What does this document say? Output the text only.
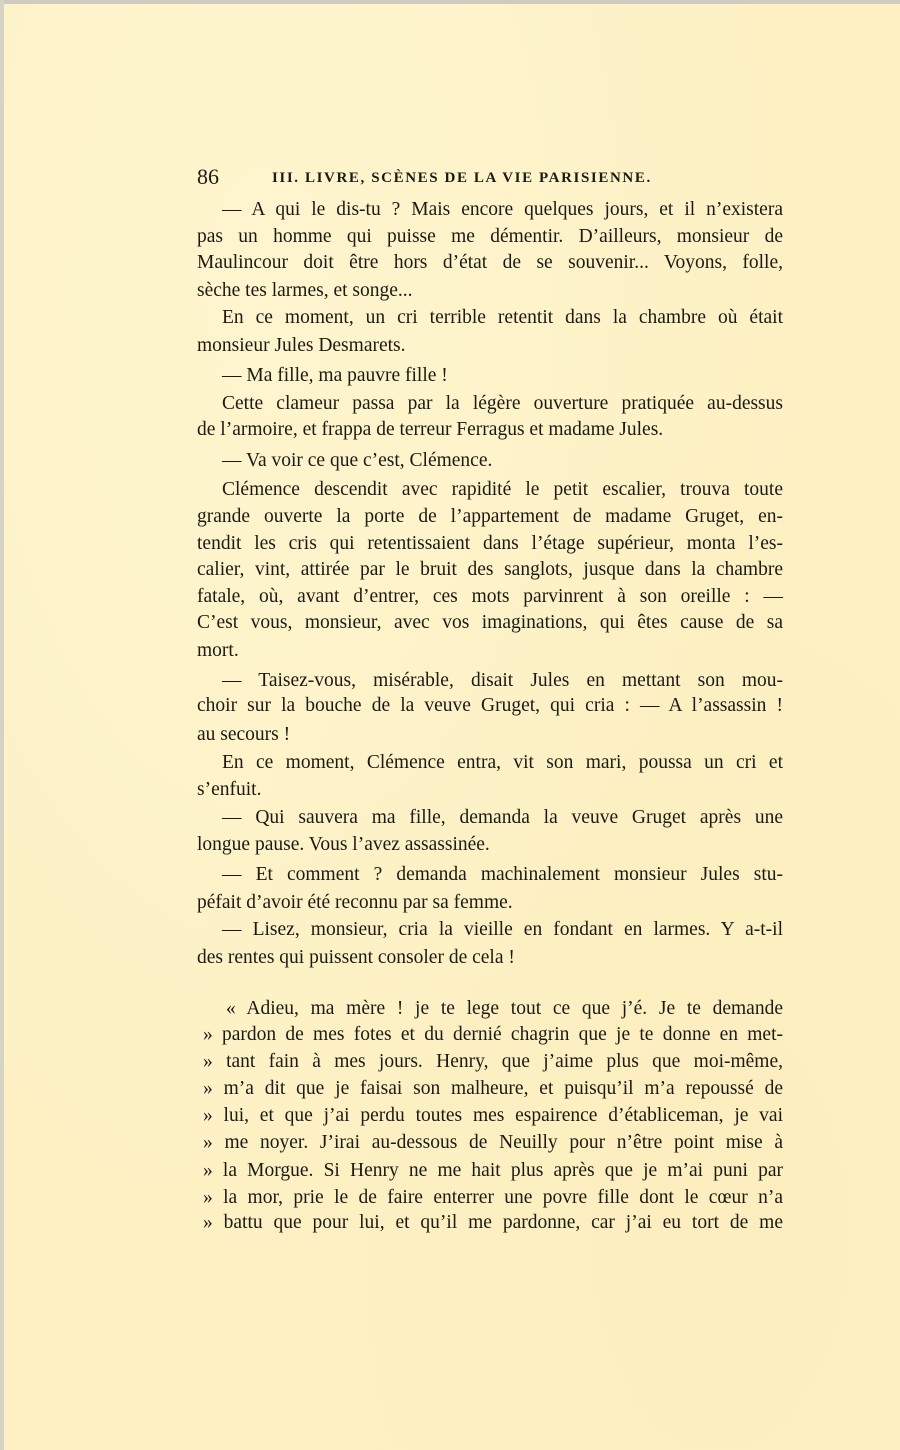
86	III. LIVRE, SCÈNES DE LA VIE PARISIENNE.
— A qui le dis-tu ? Mais encore quelques jours, et il n’existera
pas un homme qui puisse me démentir. D’ailleurs, monsieur de
Maulincour doit être hors d’état de se souvenir... Voyons, folle,
sèche tes larmes, et songe...
En ce moment, un cri terrible retentit dans la chambre où était
monsieur Jules Desmarets.
— Ma fille, ma pauvre fille !
Cette clameur passa par la légère ouverture pratiquée au-dessus
de l’armoire, et frappa de terreur Ferragus et madame Jules.
— Va voir ce que c’est, Clémence.
Clémence descendit avec rapidité le petit escalier, trouva toute
grande ouverte la porte de l’appartement de madame Gruget, en-
tendit les cris qui retentissaient dans l’étage supérieur, monta l’es-
calier, vint, attirée par le bruit des sanglots, jusque dans la chambre
fatale, où, avant d’entrer, ces mots parvinrent à son oreille : —
C’est vous, monsieur, avec vos imaginations, qui êtes cause de sa
mort.
— Taisez-vous, misérable, disait Jules en mettant son mou-
choir sur la bouche de la veuve Gruget, qui cria : — A l’assassin !
au secours !
En ce moment, Clémence entra, vit son mari, poussa un cri et
s’enfuit.
— Qui sauvera ma fille, demanda la veuve Gruget après une
longue pause. Vous l’avez assassinée.
— Et comment ? demanda machinalement monsieur Jules stu-
péfait d’avoir été reconnu par sa femme.
— Lisez, monsieur, cria la vieille en fondant en larmes. Y a-t-il
des rentes qui puissent consoler de cela !
« Adieu, ma mère ! je te lege tout ce que j’é. Je te demande
» pardon de mes fotes et du dernié chagrin que je te donne en met-
» tant fain à mes jours. Henry, que j’aime plus que moi-même,
» m’a dit que je faisai son malheure, et puisqu’il m’a repoussé de
» lui, et que j’ai perdu toutes mes espairence d’établiceman, je vai
» me noyer. J’irai au-dessous de Neuilly pour n’être point mise à
» la Morgue. Si Henry ne me hait plus après que je m’ai puni par
» la mor, prie le de faire enterrer une povre fille dont le cœur n’a
» battu que pour lui, et qu’il me pardonne, car j’ai eu tort de me
